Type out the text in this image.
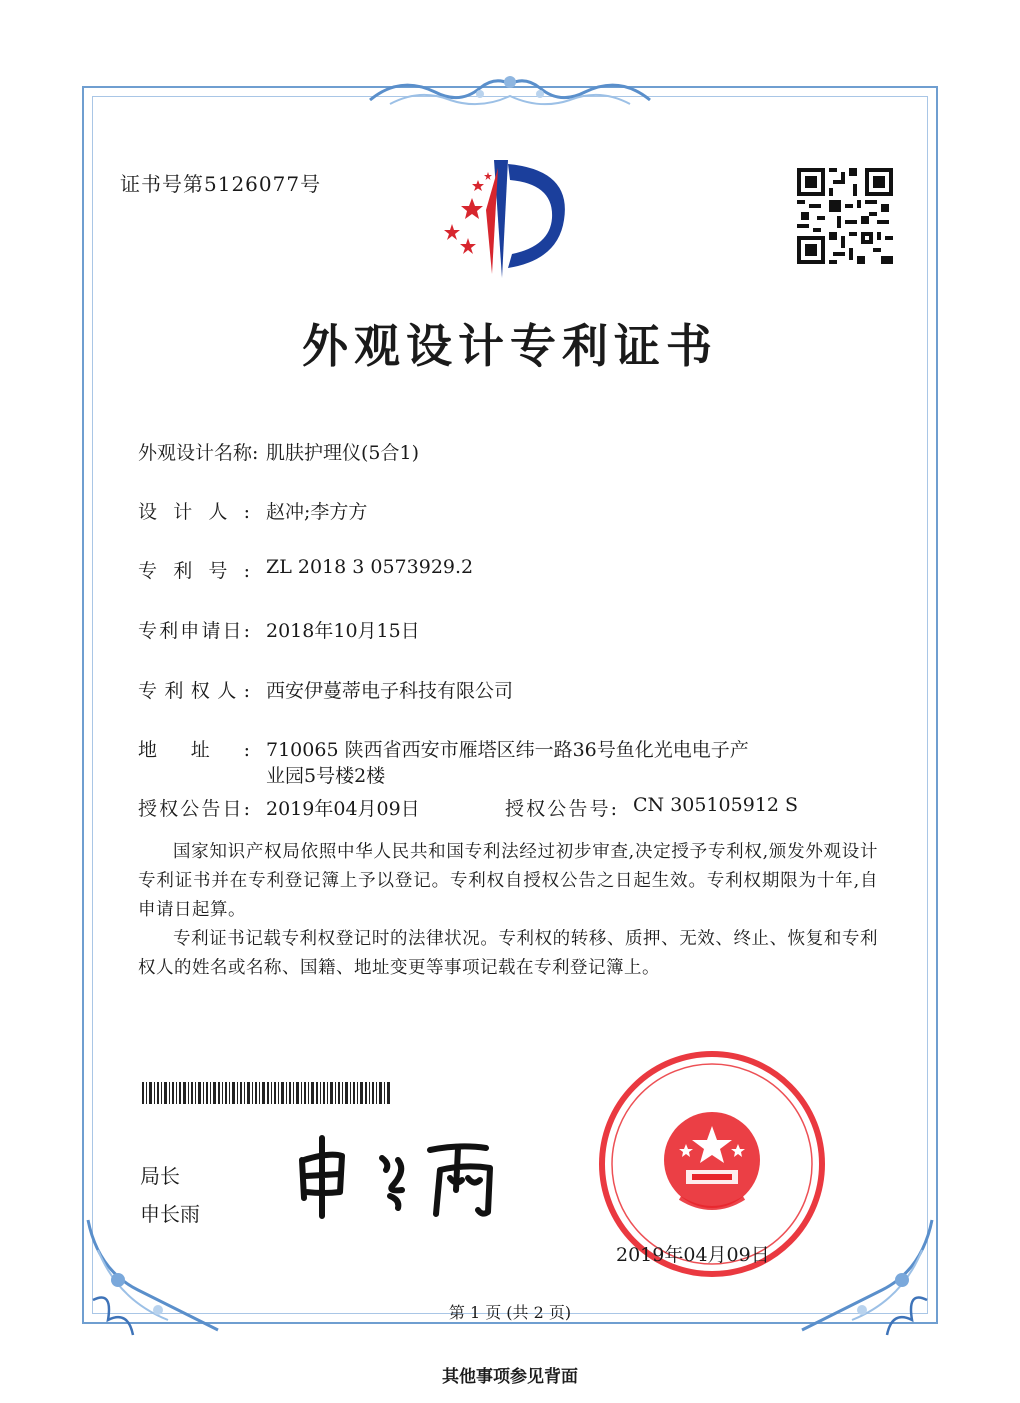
证书号第5126077号
外观设计专利证书
外观设计名称: 肌肤护理仪(5合1)
设计人: 赵冲;李方方
专利号: ZL 2018 3 0573929.2
专利申请日: 2018年10月15日
专利权人: 西安伊蔓蒂电子科技有限公司
地址: 710065 陕西省西安市雁塔区纬一路36号鱼化光电电子产
业园5号楼2楼
授权公告日: 2019年04月09日	授权公告号: CN 305105912 S
国家知识产权局依照中华人民共和国专利法经过初步审查,决定授予专利权,颁发外观设计专利证书并在专利登记簿上予以登记。专利权自授权公告之日起生效。专利权期限为十年,自申请日起算。
专利证书记载专利权登记时的法律状况。专利权的转移、质押、无效、终止、恢复和专利权人的姓名或名称、国籍、地址变更等事项记载在专利登记簿上。
局长
申长雨
2019年04月09日
第 1 页 (共 2 页)
其他事项参见背面
